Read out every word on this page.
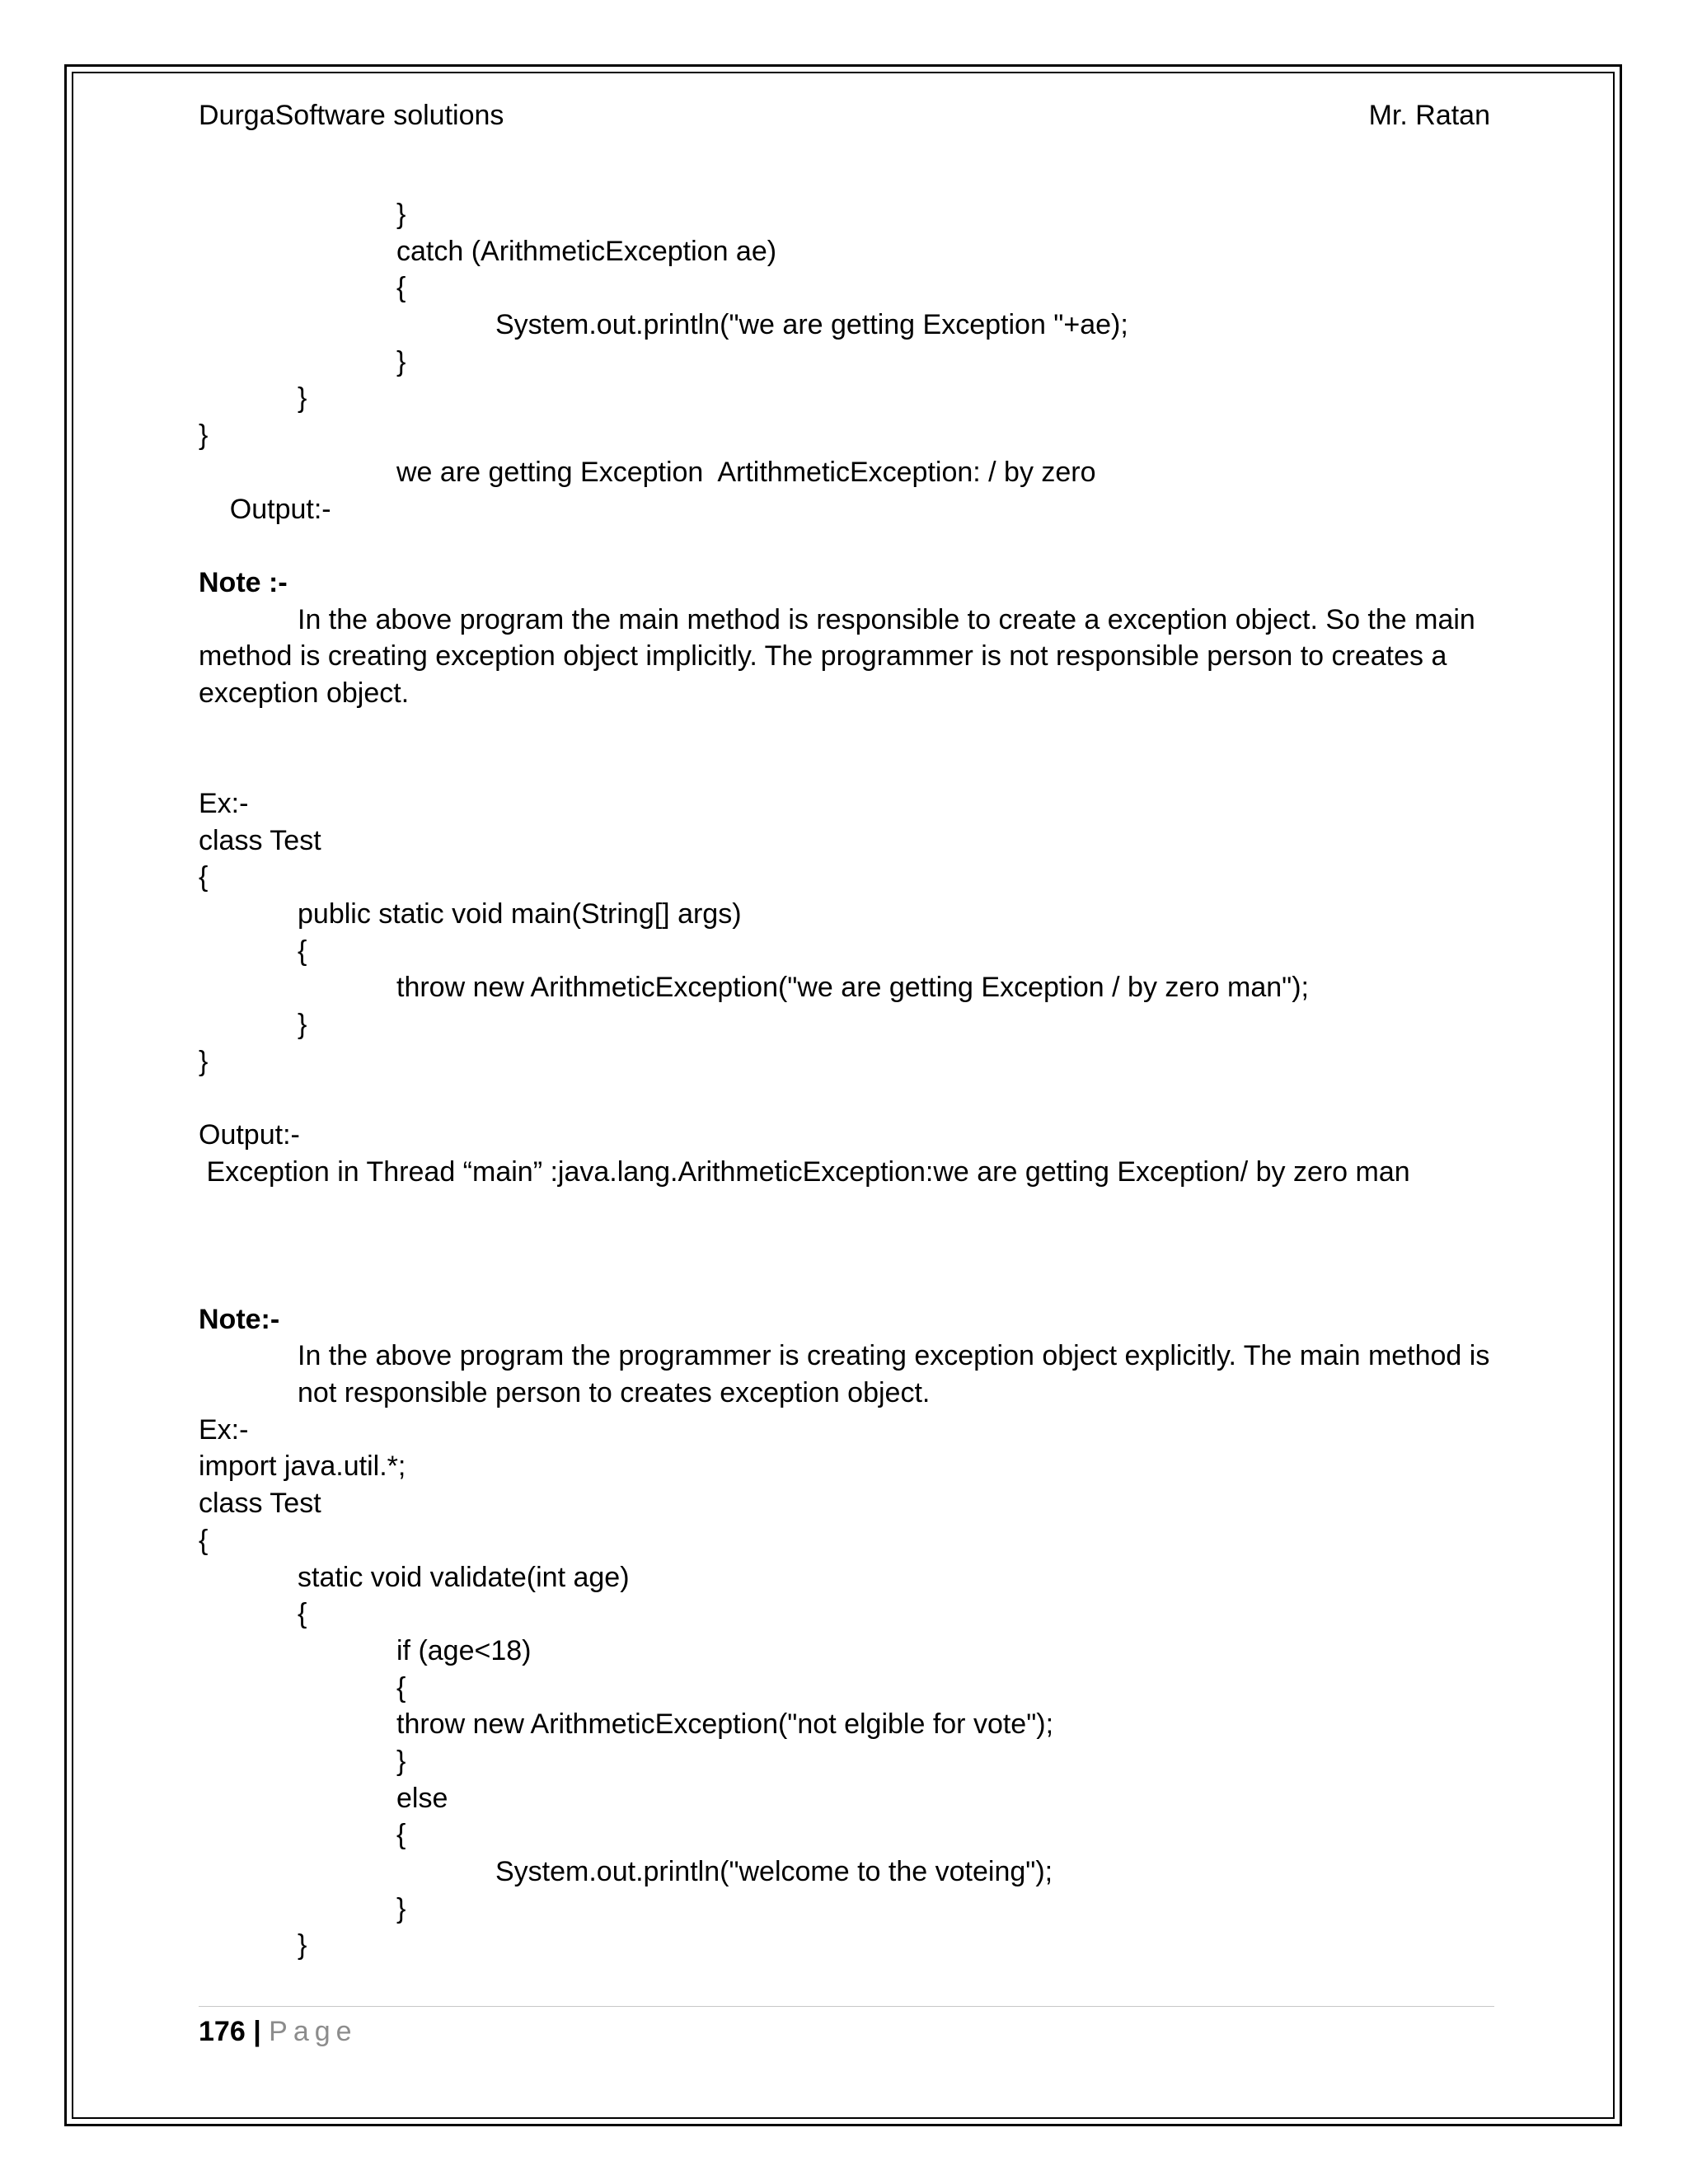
DurgaSoftware solutions	Mr. Ratan
}
catch (ArithmeticException ae)
{
System.out.println("we are getting Exception "+ae);
}
}
}

Output:-

we are getting Exception  ArtithmeticException: / by zero

Note :-
In the above program the main method is responsible to create a exception object. So the main method is creating exception object implicitly. The programmer is not responsible person to creates a exception object.
Ex:-
class Test
{
public static void main(String[] args)
{
throw new ArithmeticException("we are getting Exception / by zero man");
}
}
Output:-
Exception in Thread “main” :java.lang.ArithmeticException:we are getting Exception/ by zero man
Note:-
In the above program the programmer is creating exception object explicitly. The main method is not responsible person to creates exception object.
Ex:-
import java.util.*;
class Test
{
static void validate(int age)
{
if (age<18)
{
throw new ArithmeticException("not elgible for vote");
}
else
{
System.out.println("welcome to the voteing");
}
}
176 | Page
